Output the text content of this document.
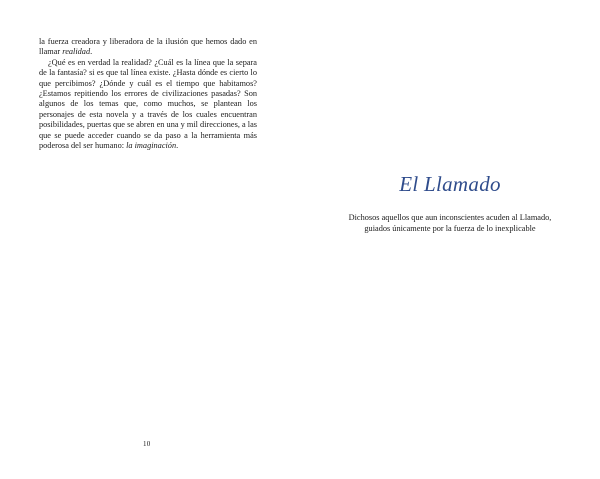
la fuerza creadora y liberadora de la ilusión que hemos dado en llamar realidad.

¿Qué es en verdad la realidad? ¿Cuál es la línea que la separa de la fantasía? si es que tal línea existe. ¿Hasta dónde es cierto lo que percibimos? ¿Dónde y cuál es el tiempo que habitamos? ¿Estamos repitiendo los errores de civilizaciones pasadas? Son algunos de los temas que, como muchos, se plantean los personajes de esta novela y a través de los cuales encuentran posibilidades, puertas que se abren en una y mil direcciones, a las que se puede acceder cuando se da paso a la herramienta más poderosa del ser humano: la imaginación.

10
El Llamado
Dichosos aquellos que aun inconscientes acuden al Llamado, guiados únicamente por la fuerza de lo inexplicable
